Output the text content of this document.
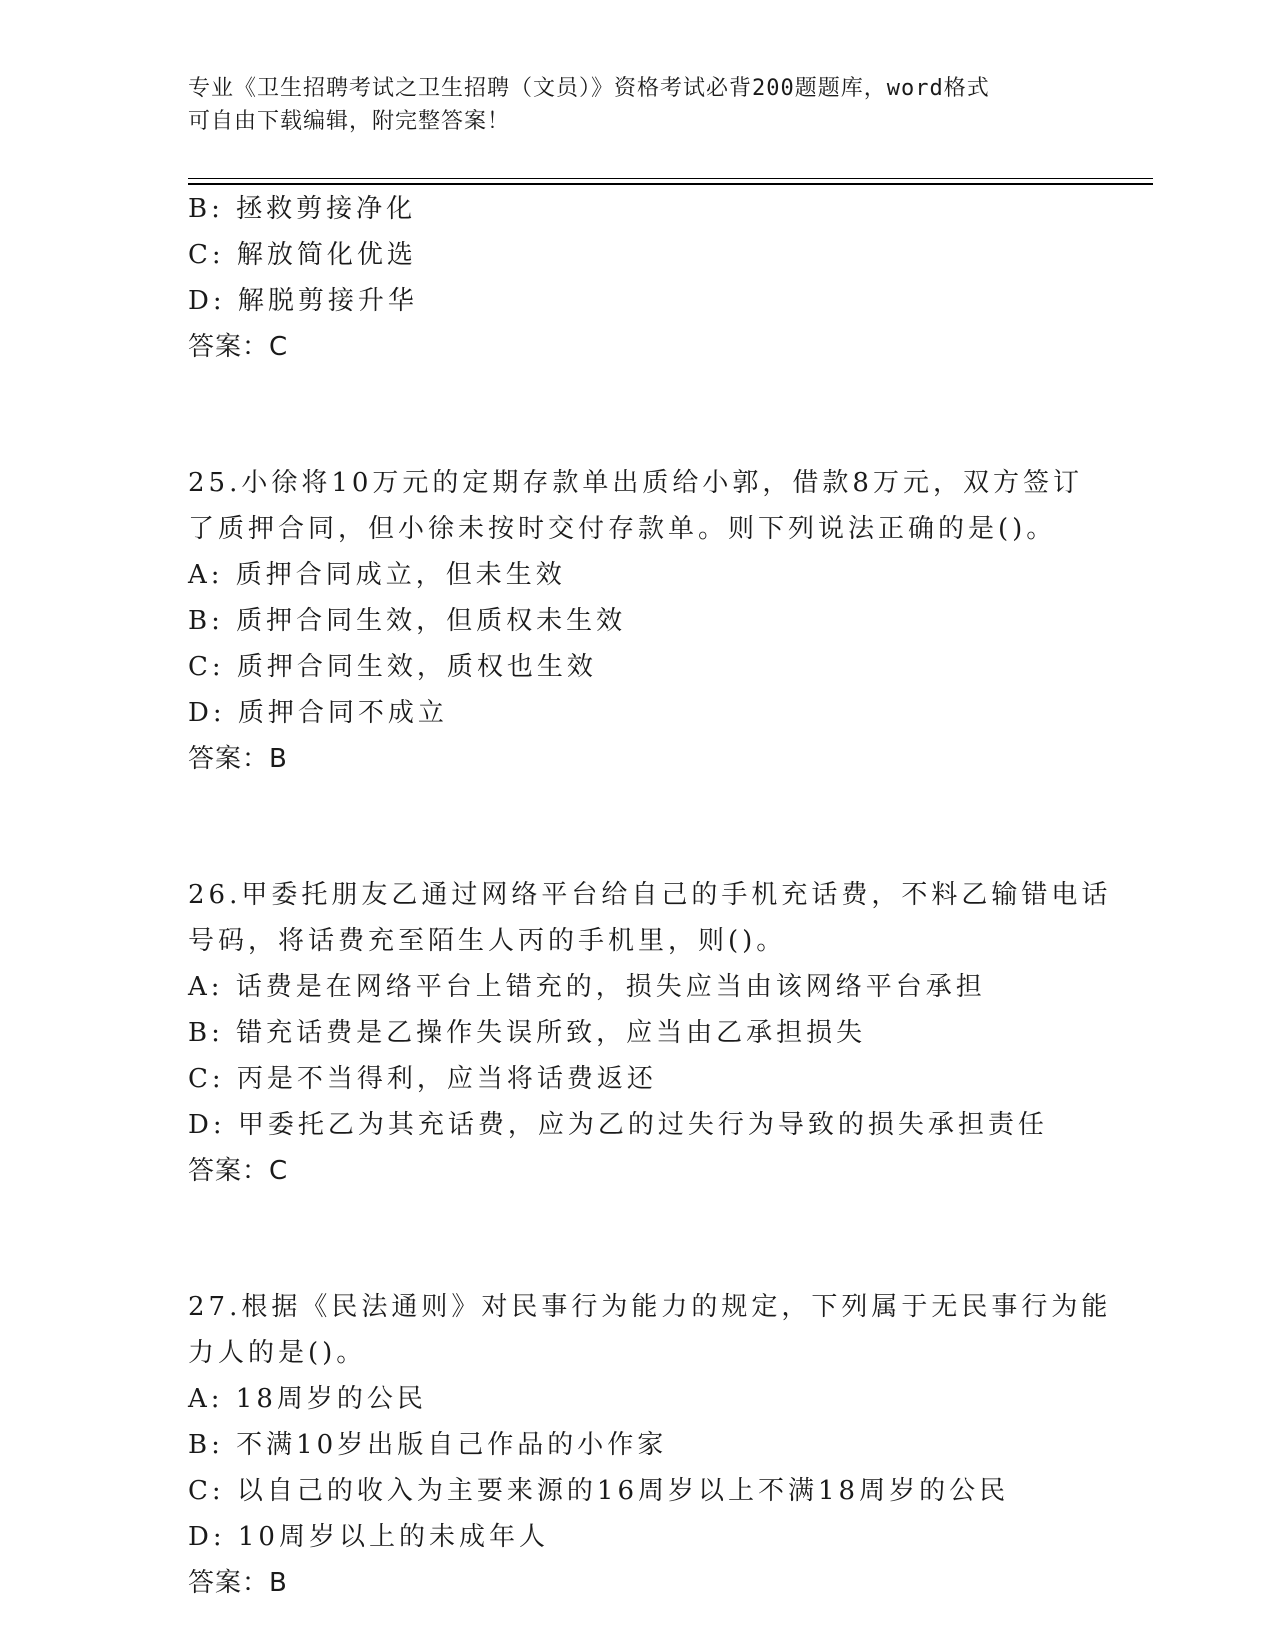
专业《卫生招聘考试之卫生招聘（文员）》资格考试必背200题题库，word格式
可自由下载编辑，附完整答案！
B: 拯救剪接净化
C: 解放简化优选
D: 解脱剪接升华
答案：C
25.小徐将10万元的定期存款单出质给小郭，借款8万元，双方签订
了质押合同，但小徐未按时交付存款单。则下列说法正确的是()。
A: 质押合同成立，但未生效
B: 质押合同生效，但质权未生效
C: 质押合同生效，质权也生效
D: 质押合同不成立
答案：B
26.甲委托朋友乙通过网络平台给自己的手机充话费，不料乙输错电话
号码，将话费充至陌生人丙的手机里，则()。
A: 话费是在网络平台上错充的，损失应当由该网络平台承担
B: 错充话费是乙操作失误所致，应当由乙承担损失
C: 丙是不当得利，应当将话费返还
D: 甲委托乙为其充话费，应为乙的过失行为导致的损失承担责任
答案：C
27.根据《民法通则》对民事行为能力的规定，下列属于无民事行为能
力人的是()。
A: 18周岁的公民
B: 不满10岁出版自己作品的小作家
C: 以自己的收入为主要来源的16周岁以上不满18周岁的公民
D: 10周岁以上的未成年人
答案：B
